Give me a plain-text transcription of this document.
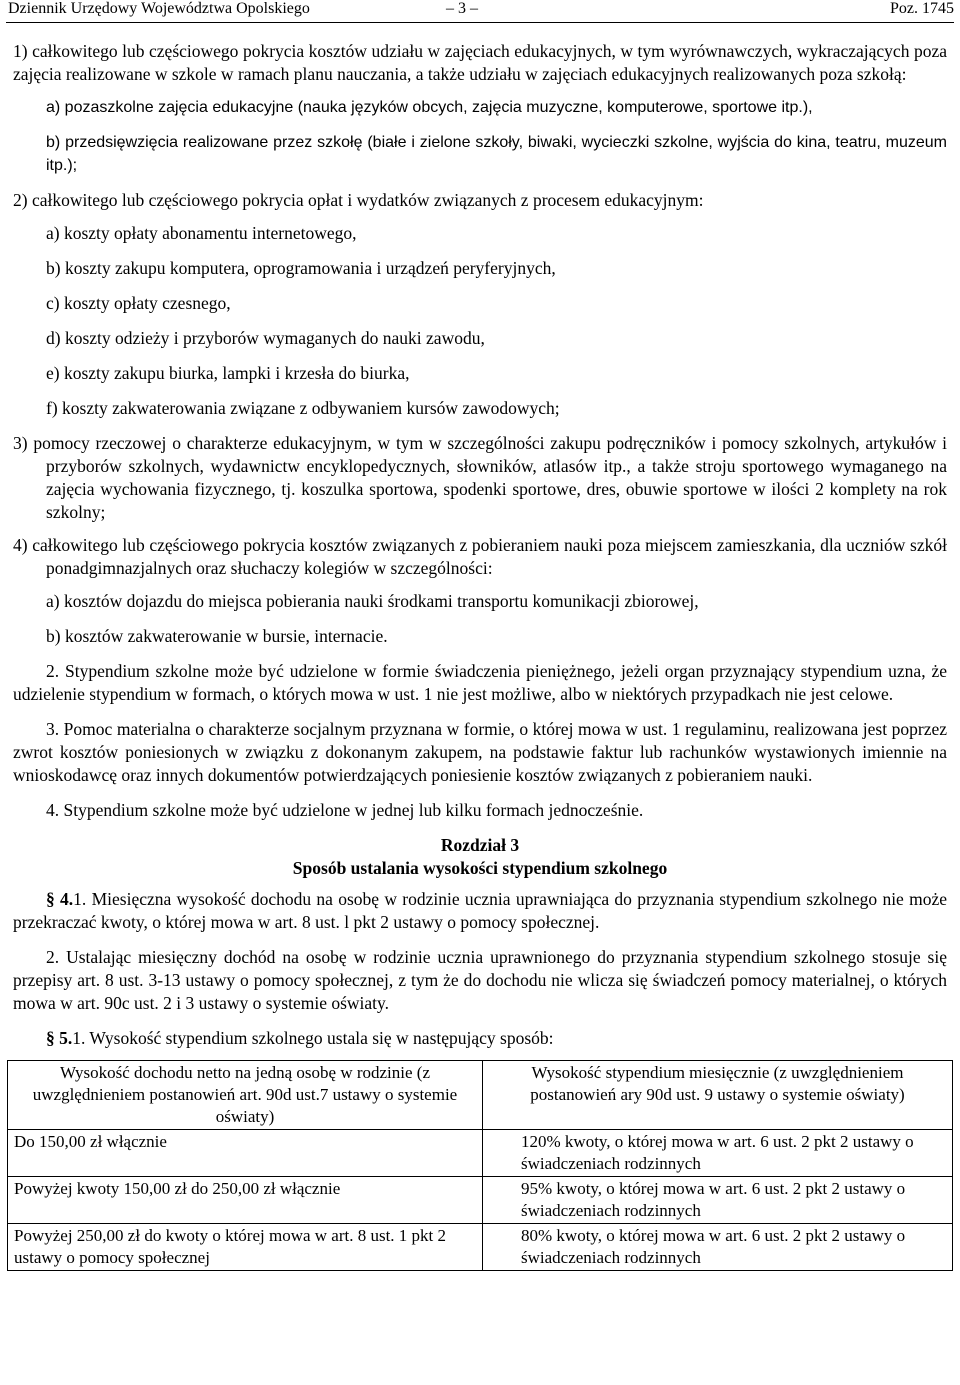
Dziennik Urzędowy Województwa Opolskiego	– 3 –	Poz. 1745

1) całkowitego lub częściowego pokrycia kosztów udziału w zajęciach edukacyjnych, w tym wyrównawczych, wykraczających poza zajęcia realizowane w szkole w ramach planu nauczania, a także udziału w zajęciach edukacyjnych realizowanych poza szkołą:

a) pozaszkolne zajęcia edukacyjne (nauka języków obcych, zajęcia muzyczne, komputerowe, sportowe itp.),

b) przedsięwzięcia realizowane przez szkołę (białe i zielone szkoły, biwaki, wycieczki szkolne, wyjścia do kina, teatru, muzeum itp.);

2) całkowitego lub częściowego pokrycia opłat i wydatków związanych z procesem edukacyjnym:

a) koszty opłaty abonamentu internetowego,

b) koszty zakupu komputera, oprogramowania i urządzeń peryferyjnych,

c) koszty opłaty czesnego,

d) koszty odzieży i przyborów wymaganych do nauki zawodu,

e) koszty zakupu biurka, lampki i krzesła do biurka,

f) koszty zakwaterowania związane z odbywaniem kursów zawodowych;

3) pomocy rzeczowej o charakterze edukacyjnym, w tym w szczególności zakupu podręczników i pomocy szkolnych, artykułów i przyborów szkolnych, wydawnictw encyklopedycznych, słowników, atlasów itp., a także stroju sportowego wymaganego na zajęcia wychowania fizycznego, tj. koszulka sportowa, spodenki sportowe, dres, obuwie sportowe w ilości 2 komplety na rok szkolny;

4) całkowitego lub częściowego pokrycia kosztów związanych z pobieraniem nauki poza miejscem zamieszkania, dla uczniów szkół ponadgimnazjalnych oraz słuchaczy kolegiów w szczególności:

a) kosztów dojazdu do miejsca pobierania nauki środkami transportu komunikacji zbiorowej,

b) kosztów zakwaterowanie w bursie, internacie.

2. Stypendium szkolne może być udzielone w formie świadczenia pieniężnego, jeżeli organ przyznający stypendium uzna, że udzielenie stypendium w formach, o których mowa w ust. 1 nie jest możliwe, albo w niektórych przypadkach nie jest celowe.

3. Pomoc materialna o charakterze socjalnym przyznana w formie, o której mowa w ust. 1 regulaminu, realizowana jest poprzez zwrot kosztów poniesionych w związku z dokonanym zakupem, na podstawie faktur lub rachunków wystawionych imiennie na wnioskodawcę oraz innych dokumentów potwierdzających poniesienie kosztów związanych z pobieraniem nauki.

4. Stypendium szkolne może być udzielone w jednej lub kilku formach jednocześnie.

Rozdział 3
Sposób ustalania wysokości stypendium szkolnego

§ 4.1. Miesięczna wysokość dochodu na osobę w rodzinie ucznia uprawniająca do przyznania stypendium szkolnego nie może przekraczać kwoty, o której mowa w art. 8 ust. l pkt 2 ustawy o pomocy społecznej.

2. Ustalając miesięczny dochód na osobę w rodzinie ucznia uprawnionego do przyznania stypendium szkolnego stosuje się przepisy art. 8 ust. 3-13 ustawy o pomocy społecznej, z tym że do dochodu nie wlicza się świadczeń pomocy materialnej, o których mowa w art. 90c ust. 2 i 3 ustawy o systemie oświaty.

§ 5.1. Wysokość stypendium szkolnego ustala się w następujący sposób:

Wysokość dochodu netto na jedną osobę w rodzinie (z uwzględnieniem postanowień art. 90d ust.7 ustawy o systemie oświaty)	Wysokość stypendium miesięcznie (z uwzględnieniem postanowień ary 90d ust. 9 ustawy o systemie oświaty)
Do 150,00 zł włącznie	120% kwoty, o której mowa w art. 6 ust. 2 pkt 2 ustawy o świadczeniach rodzinnych
Powyżej kwoty 150,00 zł do 250,00 zł włącznie	95% kwoty, o której mowa w art. 6 ust. 2 pkt 2 ustawy o świadczeniach rodzinnych
Powyżej 250,00 zł do kwoty o której mowa w art. 8 ust. 1 pkt 2 ustawy o pomocy społecznej	80% kwoty, o której mowa w art. 6 ust. 2 pkt 2 ustawy o świadczeniach rodzinnych
